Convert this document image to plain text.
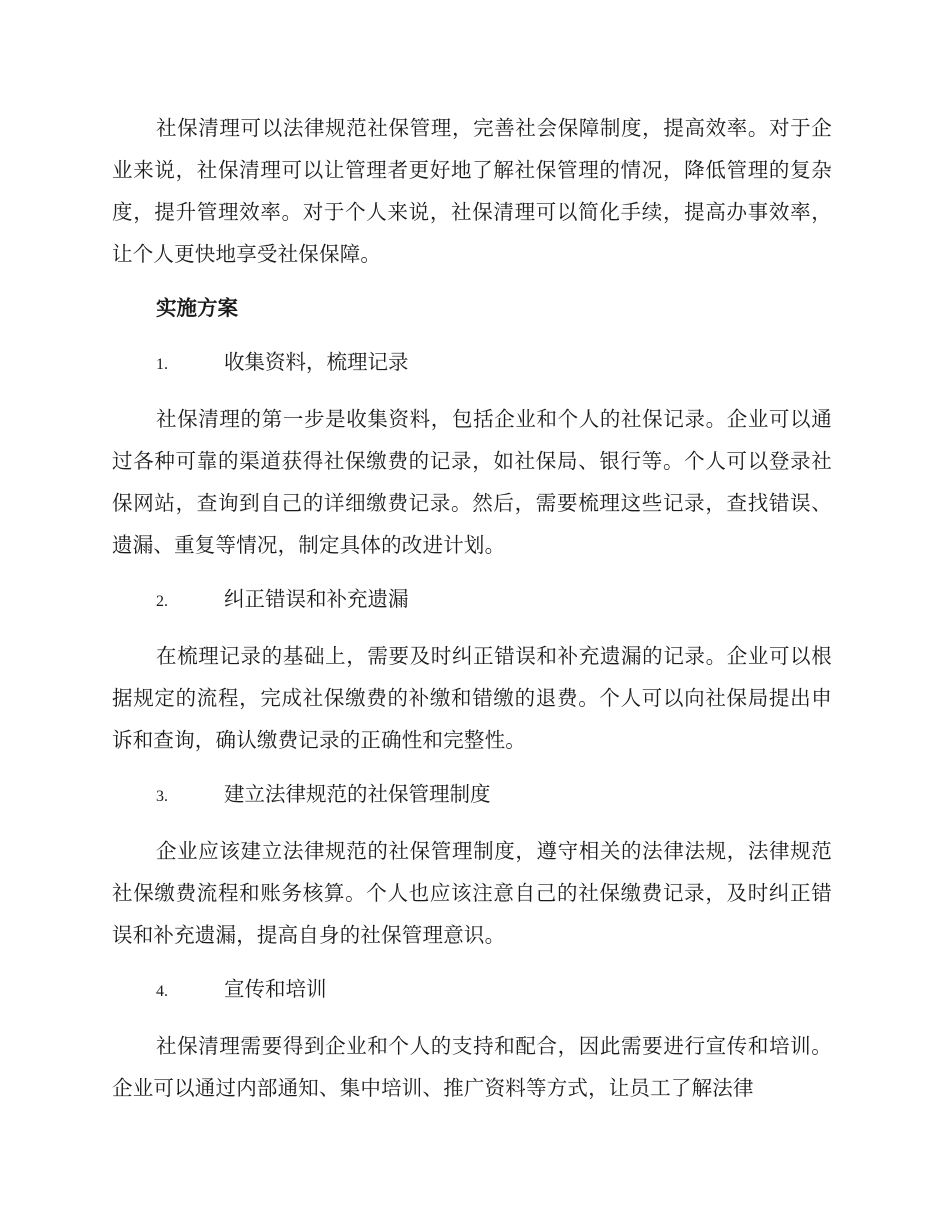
社保清理可以法律规范社保管理，完善社会保障制度，提高效率。对于企业来说，社保清理可以让管理者更好地了解社保管理的情况，降低管理的复杂度，提升管理效率。对于个人来说，社保清理可以简化手续，提高办事效率，让个人更快地享受社保保障。

实施方案
1.	收集资料，梳理记录

社保清理的第一步是收集资料，包括企业和个人的社保记录。企业可以通过各种可靠的渠道获得社保缴费的记录，如社保局、银行等。个人可以登录社保网站，查询到自己的详细缴费记录。然后，需要梳理这些记录，查找错误、遗漏、重复等情况，制定具体的改进计划。

2.	纠正错误和补充遗漏

在梳理记录的基础上，需要及时纠正错误和补充遗漏的记录。企业可以根据规定的流程，完成社保缴费的补缴和错缴的退费。个人可以向社保局提出申诉和查询，确认缴费记录的正确性和完整性。

3.	建立法律规范的社保管理制度

企业应该建立法律规范的社保管理制度，遵守相关的法律法规，法律规范社保缴费流程和账务核算。个人也应该注意自己的社保缴费记录，及时纠正错误和补充遗漏，提高自身的社保管理意识。

4.	宣传和培训

社保清理需要得到企业和个人的支持和配合，因此需要进行宣传和培训。企业可以通过内部通知、集中培训、推广资料等方式，让员工了解法律
